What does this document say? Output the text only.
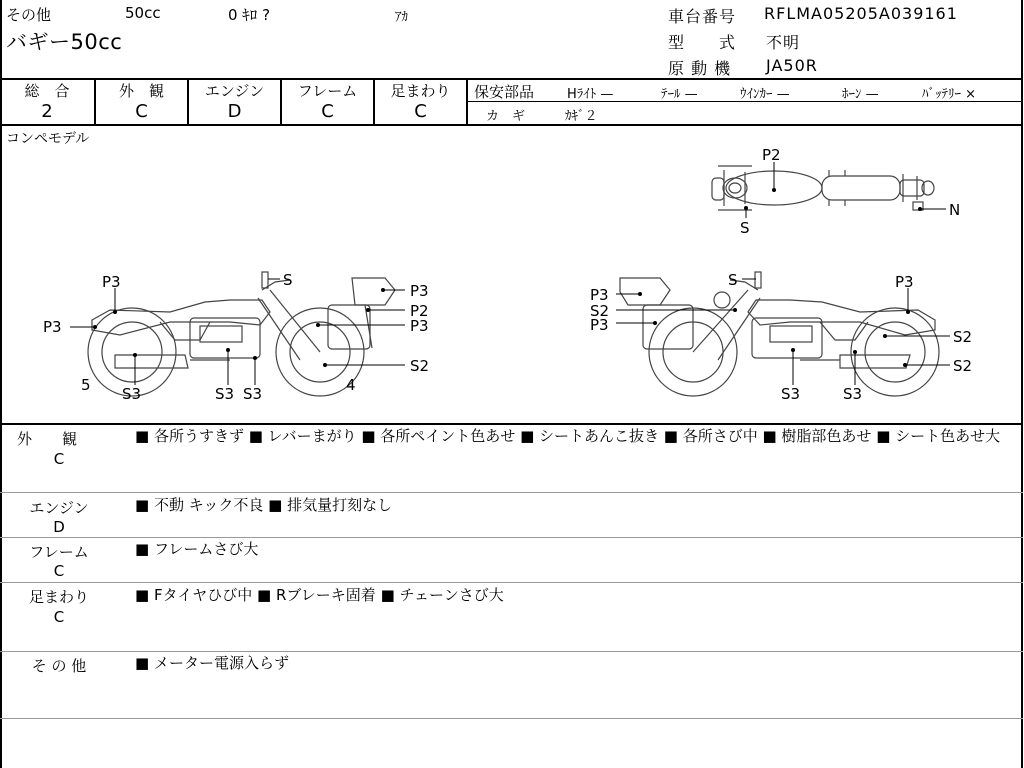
その他	50cc	0 ｷﾛ ?	ｱｶ
バギー50cc
車台番号 RFLMA05205A039161
型　　式 不明
原 動 機 JA50R
総　合
2
外　観
C
エンジン
D
フレーム
C
足まわり
C
保安部品	Hﾗｲﾄ —	ﾃｰﾙ —	ｳｲﾝｶｰ —	ﾎｰﾝ —	ﾊﾞｯﾃﾘｰ ×
カ　ギ	ｶｷﾞ２
コンペモデル
P2
S
N
P3	S
P3
P2
P3
5 S3	S3 S3	4
S2
P3
S	P3
P3
S2
P3
S2
S2
S3	S3
外　　観
C
■ 各所うすきず ■ レバーまがり ■ 各所ペイント色あせ ■ シートあんこ抜き ■ 各所さび中 ■ 樹脂部色あせ ■ シート色あせ大
エンジン
D
■ 不動 キック不良 ■ 排気量打刻なし
フレーム
C
■ フレームさび大
足まわり
C
■ Fタイヤひび中 ■ Rブレーキ固着 ■ チェーンさび大
そ の 他	■ メーター電源入らず
